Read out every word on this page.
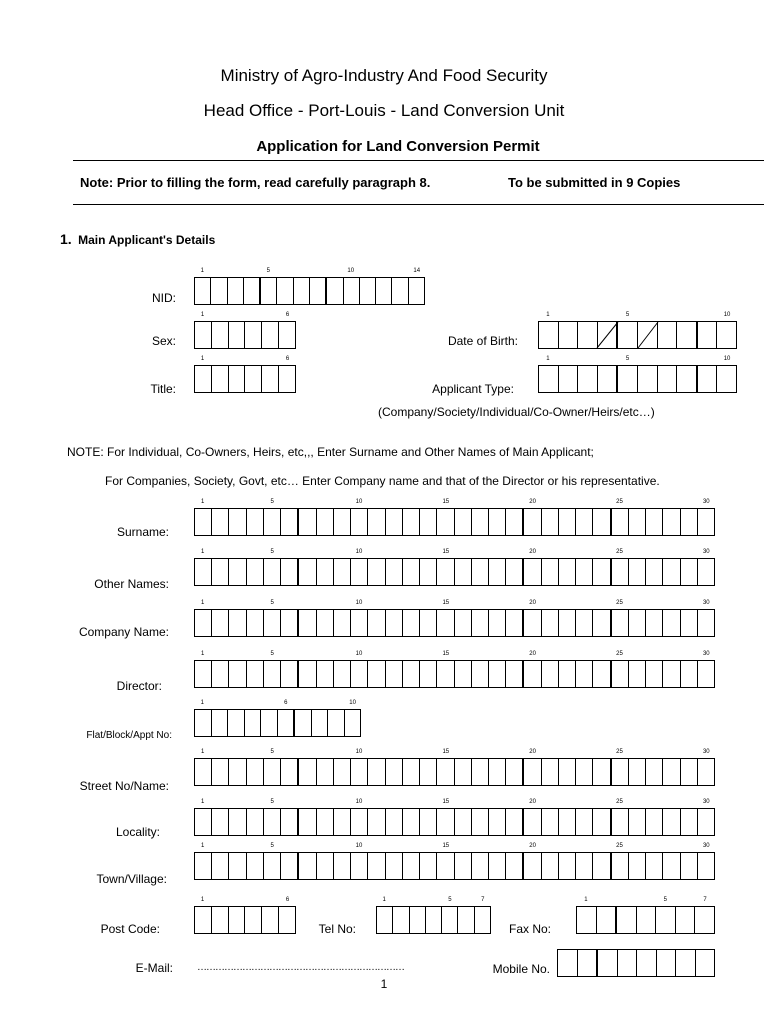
Ministry of Agro-Industry And Food Security
Head Office - Port-Louis - Land Conversion Unit
Application for Land Conversion Permit
Note: Prior to filling the form, read carefully paragraph 8.	To be submitted in 9 Copies
1. Main Applicant's Details
NID:
Sex:	Date of Birth:
Title:	Applicant Type:
(Company/Society/Individual/Co-Owner/Heirs/etc…)
NOTE: For Individual, Co-Owners, Heirs, etc,,, Enter Surname and Other Names of Main Applicant;
For Companies, Society, Govt, etc… Enter Company name and that of the Director or his representative.
Surname:
Other Names:
Company Name:
Director:
Flat/Block/Appt No:
Street No/Name:
Locality:
Town/Village:
Post Code:	Tel No:	Fax No:
E-Mail: ……………………………………………………………	Mobile No.
1
1	5	10	14
1	6	1	5	10
1	6	1	5	10
1	5	10	15	20	25	30
1	5	10	15	20	25	30
1	5	10	15	20	25	30
1	5	10	15	20	25	30
1	6	10
1	5	10	15	20	25	30
1	5	10	15	20	25	30
1	5	10	15	20	25	30
1	6	1	5	7	1	5	7
